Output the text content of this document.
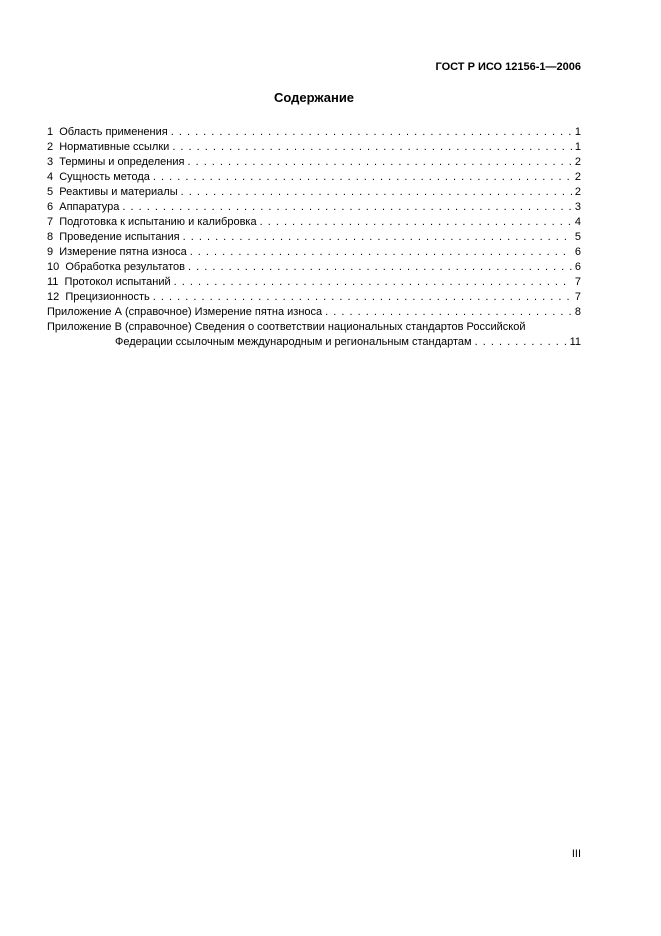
ГОСТ Р ИСО 12156-1—2006
Содержание
1  Область применения . . .	1
2  Нормативные ссылки . . .	1
3  Термины и определения . . .	2
4  Сущность метода . . .	2
5  Реактивы и материалы . . .	2
6  Аппаратура . . .	3
7  Подготовка к испытанию и калибровка . . .	4
8  Проведение испытания . . .	5
9  Измерение пятна износа . . .	6
10  Обработка результатов . . .	6
11  Протокол испытаний . . .	7
12  Прецизионность . . .	7
Приложение А (справочное) Измерение пятна износа . . .	8
Приложение В (справочное) Сведения о соответствии национальных стандартов Российской
Федерации ссылочным международным и региональным стандартам . . .	11
III
